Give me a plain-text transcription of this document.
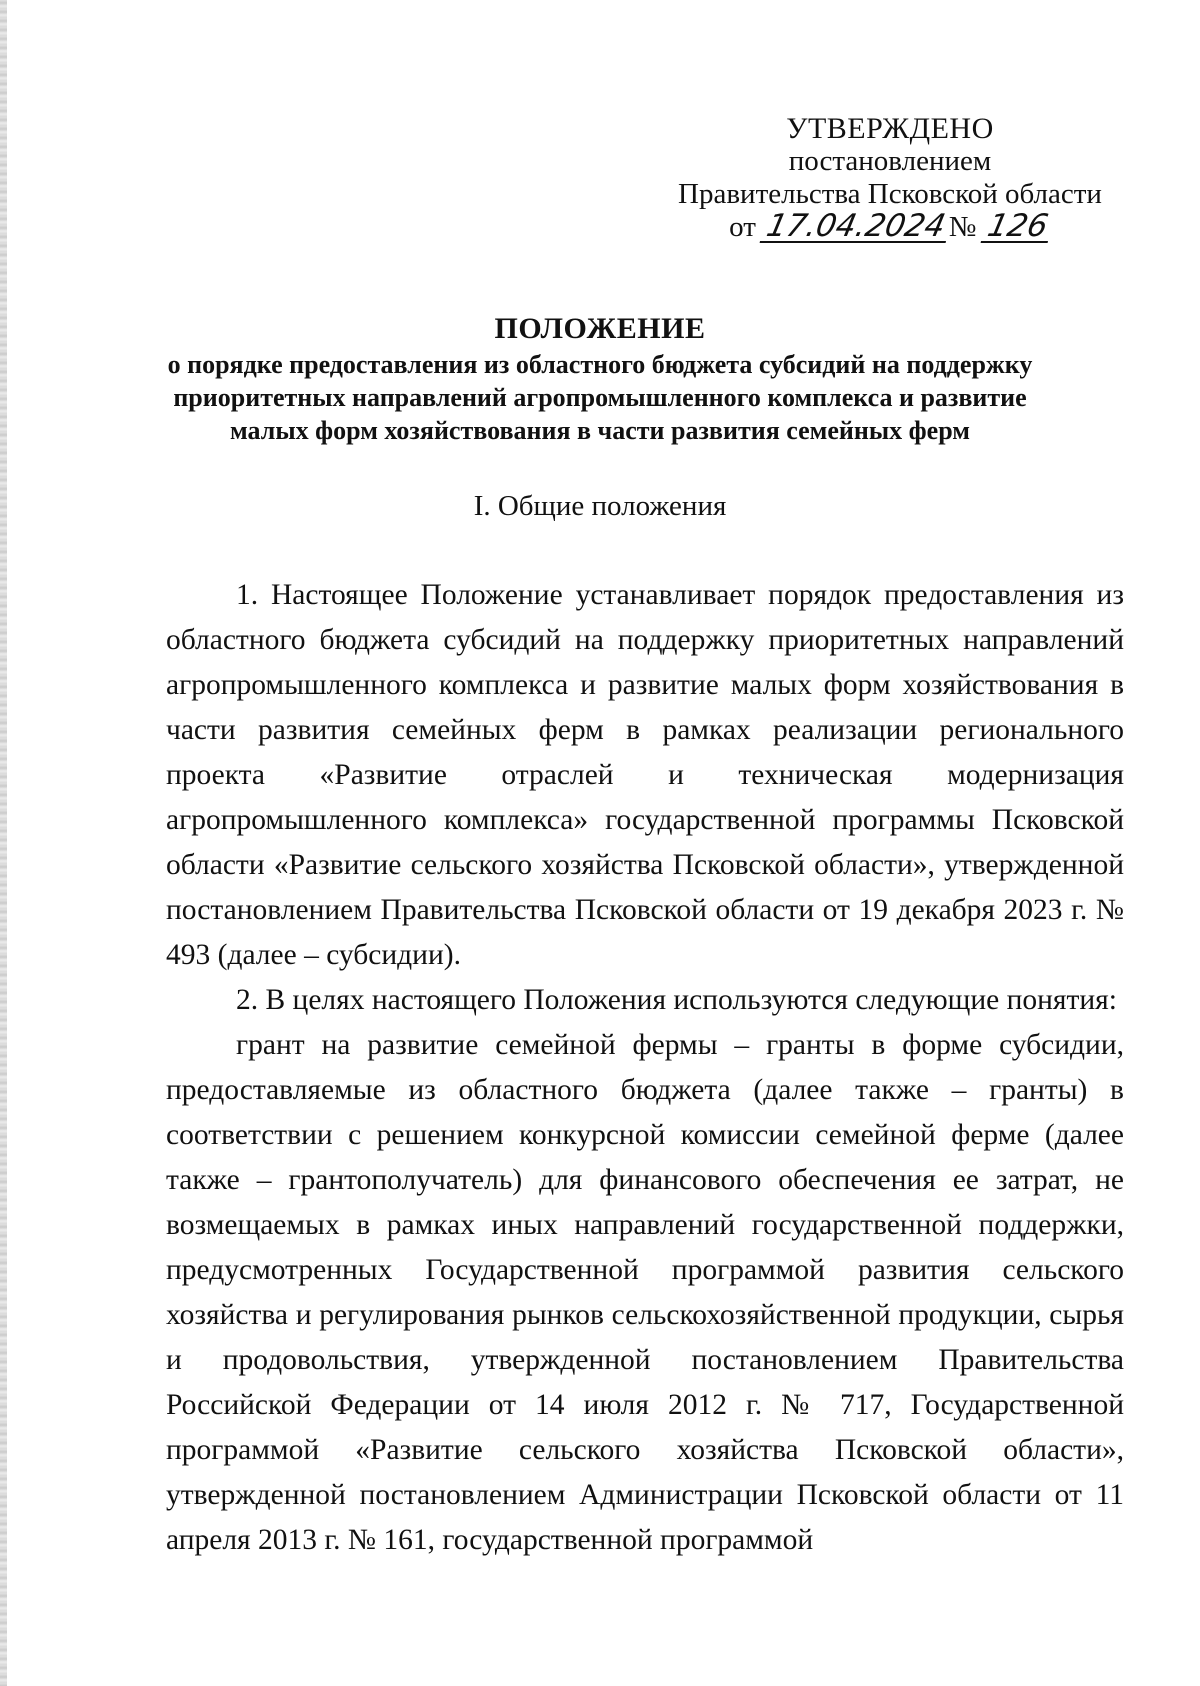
УТВЕРЖДЕНО
постановлением
Правительства Псковской области
от 17.04.2024№ 126
ПОЛОЖЕНИЕ
о порядке предоставления из областного бюджета субсидий на поддержку приоритетных направлений агропромышленного комплекса и развитие малых форм хозяйствования в части развития семейных ферм
I. Общие положения

1. Настоящее Положение устанавливает порядок предоставления из областного бюджета субсидий на поддержку приоритетных направлений агропромышленного комплекса и развитие малых форм хозяйствования в части развития семейных ферм в рамках реализации регионального проекта «Развитие отраслей и техническая модернизация агропромышленного комплекса» государственной программы Псковской области «Развитие сельского хозяйства Псковской области», утвержденной постановлением Правительства Псковской области от 19 декабря 2023 г. № 493 (далее – субсидии).

2. В целях настоящего Положения используются следующие понятия:

грант на развитие семейной фермы – гранты в форме субсидии, предоставляемые из областного бюджета (далее также – гранты) в соответствии с решением конкурсной комиссии семейной ферме (далее также – грантополучатель) для финансового обеспечения ее затрат, не возмещаемых в рамках иных направлений государственной поддержки, предусмотренных Государственной программой развития сельского хозяйства и регулирования рынков сельскохозяйственной продукции, сырья и продовольствия, утвержденной постановлением Правительства Российской Федерации от 14 июля 2012 г. № 717, Государственной программой «Развитие сельского хозяйства Псковской области», утвержденной постановлением Администрации Псковской области от 11 апреля 2013 г. № 161, государственной программой
